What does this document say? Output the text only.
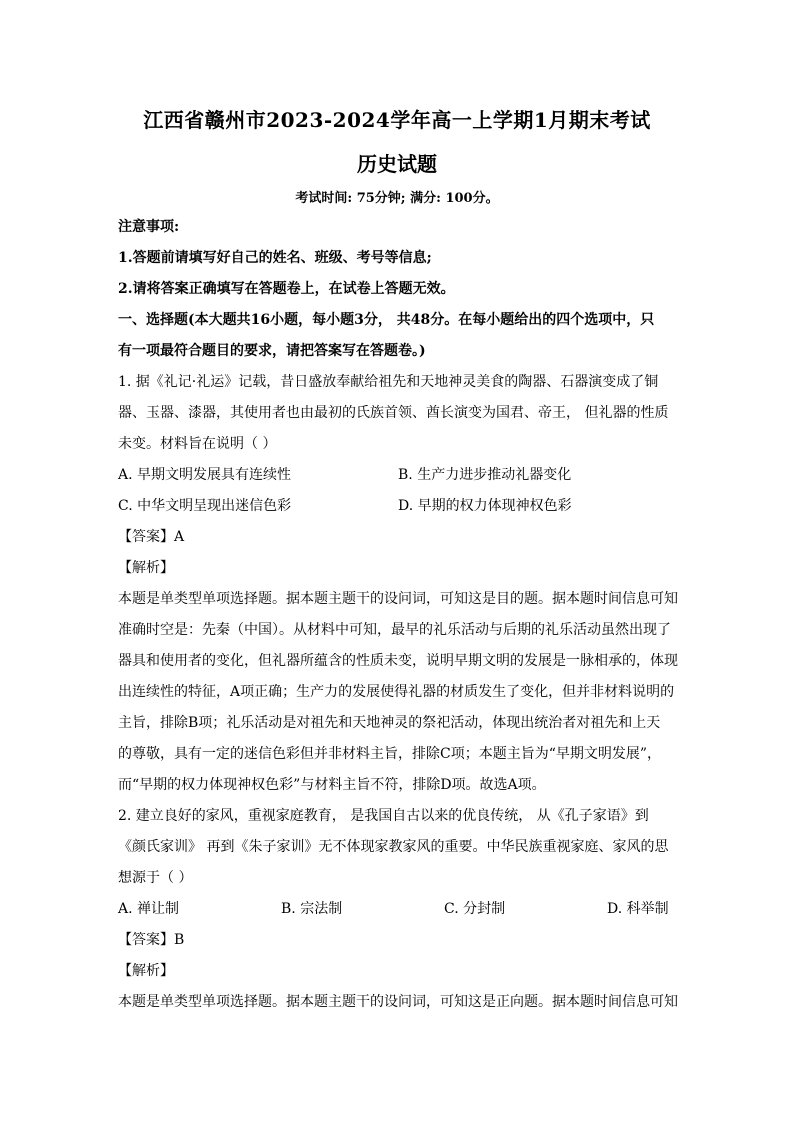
江西省赣州市2023-2024学年高一上学期1月期末考试
历史试题
考试时间: 75分钟; 满分: 100分。
注意事项:
1.答题前请填写好自己的姓名、班级、考号等信息;
2.请将答案正确填写在答题卷上，在试卷上答题无效。
一、选择题(本大题共16小题，每小题3分， 共48分。在每小题给出的四个选项中，只
有一项最符合题目的要求，请把答案写在答题卷。)
1. 据《礼记·礼运》记载，昔日盛放奉献给祖先和天地神灵美食的陶器、石器演变成了铜
器、玉器、漆器，其使用者也由最初的氏族首领、酋长演变为国君、帝王， 但礼器的性质
未变。材料旨在说明（ ）
A. 早期文明发展具有连续性	B. 生产力进步推动礼器变化
C. 中华文明呈现出迷信色彩	D. 早期的权力体现神权色彩
【答案】A
【解析】
本题是单类型单项选择题。据本题主题干的设问词，可知这是目的题。据本题时间信息可知
准确时空是：先秦（中国）。从材料中可知，最早的礼乐活动与后期的礼乐活动虽然出现了
器具和使用者的变化，但礼器所蕴含的性质未变，说明早期文明的发展是一脉相承的，体现
出连续性的特征，A项正确；生产力的发展使得礼器的材质发生了变化，但并非材料说明的
主旨，排除B项；礼乐活动是对祖先和天地神灵的祭祀活动，体现出统治者对祖先和上天
的尊敬，具有一定的迷信色彩但并非材料主旨，排除C项；本题主旨为“早期文明发展”，
而“早期的权力体现神权色彩”与材料主旨不符，排除D项。故选A项。
2. 建立良好的家风，重视家庭教育， 是我国自古以来的优良传统， 从《孔子家语》到
《颜氏家训》 再到《朱子家训》无不体现家教家风的重要。中华民族重视家庭、家风的思
想源于（ ）
A. 禅让制	B. 宗法制	C. 分封制	D. 科举制
【答案】B
【解析】
本题是单类型单项选择题。据本题主题干的设问词，可知这是正向题。据本题时间信息可知
